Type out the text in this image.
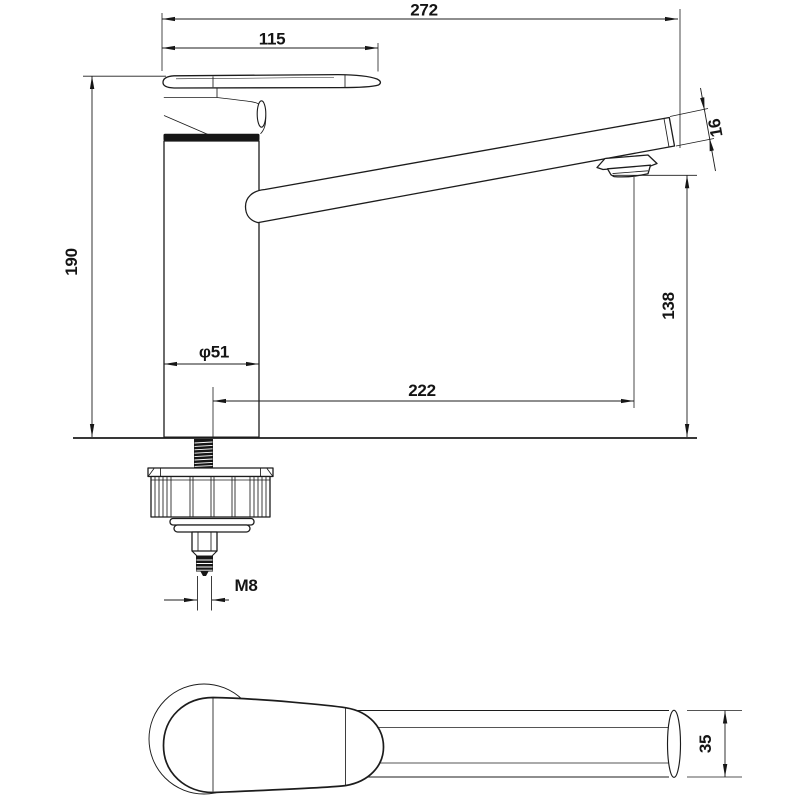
272
115
190
16
138
222
φ51
M8
35
